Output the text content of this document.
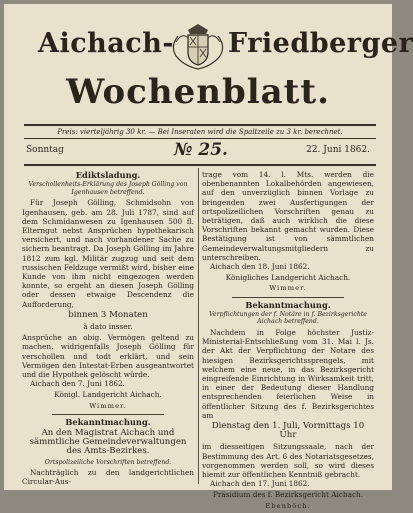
Aichach- Friedberger
Wochenblatt.
Preis: vierteljährig 30 kr. — Bei Inseraten wird die Spaltzeile zu 3 kr. berechnet.
Sonntag	№ 25.	22. Juni 1862.
Ediktsladung.
Verschollenheits-Erklärung des Joseph Gölling von Igenhausen betreffend.

Für Joseph Gölling, Schmidsohn von Igenhausen, geb. am 28. Juli 1787, sind auf dem Schmidanwesen zu Igenhausen 500 fl. Elterngut nebst Ansprüchen hypothekarisch versichert, und nach vorhandener Sache zu sichern beantragt. Da Joseph Gölling im Jahre 1812 zum kgl. Militär zugzug und seit dem russischen Feldzuge vermißt wird, bisher eine Kunde von ihm nicht eingezogen werden konnte, so ergeht an diesen Joseph Gölling oder dessen etwaige Descendenz die Aufforderung,

binnen 3 Monaten

à dato insser.

Ansprüche an obig. Vermögen geltend zu machen, widrigenfalls Joseph Gölling für verschollen und todt erklärt, und sein Vermögen den Intestat-Erben ausgeantwortet und die Hypothek gelöscht würde.

Aichach den 7. Juni 1862.

Königl. Landgericht Aichach.

Wimmer.
Bekanntmachung.

An den Magistrat Aichach und sämmtliche Gemeindeverwaltungen des Amts-Bezirkes.

Ortspolizeiliche Vorschriften betreffend.

Nachträglich zu den landgerichtlichen Circular-Aus-

trage vom 14. l. Mts. werden die obenbenannten Lokalbehörden angewiesen, auf den unverzüglich binnen Vorlage zu bringenden zwei Ausfertigungen der ortspolizeilichen Vorschriften genau zu beträtigen, daß auch wirklich die diese Vorschriften bekannt gemacht wurden. Diese Bestätigung ist von sämmtlichen Gemeindeverwaltungsmitgliedern zu unterschreiben.

Aichach den 18. Juni 1862.

Königliches Landgericht Aichach.

Wimmer.
Bekanntmachung.
Verpflichtungen der f. Notäre in f. Bezirksgerichte Aichach betreffend.

Nachdem in Folge höchster Justiz-Ministerial-Entschließung vom 31. Mai l. Js. der Akt der Verpflichtung der Notare des hiesigen Bezirksgerichtssprengels, mit welchem eine neue, in das Bezirksgericht eingreifende Einrichtung in Wirksamkeit tritt, in einer der Bedeutung dieser Handlung entsprechenden feierlichen Weise in öffentlicher Sitzung des f. Bezirksgerichtes am

Dienstag den 1. Juli, Vormittags 10 Uhr

im diesseitigen Sitzungssaale, nach der Bestimmung des Art. 6 des Notariatsgesetzes, vorgenommen werden soll, so wird dieses hiemit zur öffentlichen Kenntniß gebracht.

Aichach den 17. Juni 1862.

Präsidium des f. Bezirksgericht Aichach.

Ebenböch.
